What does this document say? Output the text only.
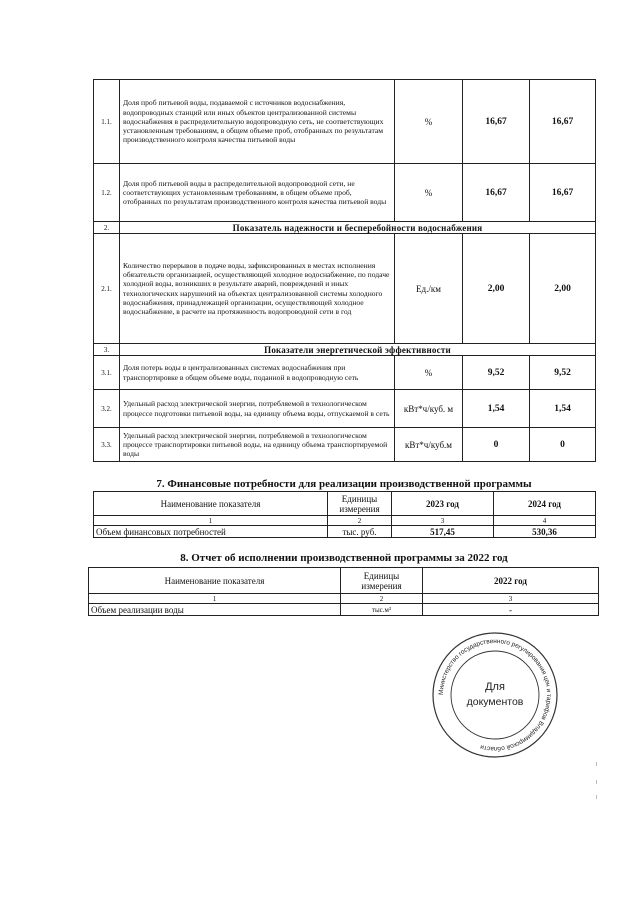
1.1.	Доля проб питьевой воды, подаваемой с источников водоснабжения, водопроводных станций или иных объектов централизованной системы водоснабжения в распределительную водопроводную сеть, не соответствующих установленным требованиям, в общем объеме проб, отобранных по результатам производственного контроля качества питьевой воды	%	16,67	16,67
1.2.	Доля проб питьевой воды в распределительной водопроводной сети, не соответствующих установленным требованиям, в общем объеме проб, отобранных по результатам производственного контроля качества питьевой воды	%	16,67	16,67
2.	Показатель надежности и бесперебойности водоснабжения			
2.1.	Количество перерывов в подаче воды, зафиксированных в местах исполнения обязательств организацией, осуществляющей холодное водоснабжение, по подаче холодной воды, возникших в результате аварий, повреждений и иных технологических нарушений на объектах централизованной системы холодного водоснабжения, принадлежащей организации, осуществляющей холодное водоснабжение, в расчете на протяженность водопроводной сети в год	Ед./км	2,00	2,00
3.	Показатели энергетической эффективности			
3.1.	Доля потерь воды в централизованных системах водоснабжения при транспортировке в общем объеме воды, поданной в водопроводную сеть	%	9,52	9,52
3.2.	Удельный расход электрической энергии, потребляемой в технологическом процессе подготовки питьевой воды, на единицу объема воды, отпускаемой в сеть	кВт*ч/куб. м	1,54	1,54
3.3.	Удельный расход электрической энергии, потребляемой в технологическом процессе транспортировки питьевой воды, на единицу объема транспортируемой воды	кВт*ч/куб.м	0	0
7. Финансовые потребности для реализации производственной программы
Наименование показателя	Единицы измерения	2023 год	2024 год
1	2	3	4
Объем финансовых потребностей	тыс. руб.	517,45	530,36
8. Отчет об исполнении производственной программы за 2022 год
Наименование показателя	Единицы измерения	2022 год
1	2	3
Объем реализации воды	тыс.м³	-
Министерство государственного регулирования цен и тарифов Владимирской области
Для
документов
